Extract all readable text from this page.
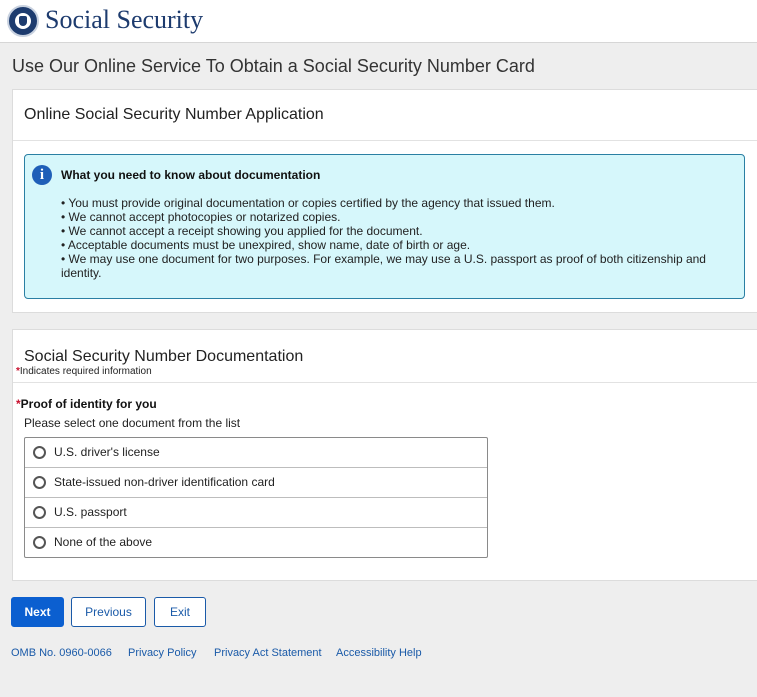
Social Security
Use Our Online Service To Obtain a Social Security Number Card
Online Social Security Number Application
i	What you need to know about documentation
• You must provide original documentation or copies certified by the agency that issued them.
• We cannot accept photocopies or notarized copies.
• We cannot accept a receipt showing you applied for the document.
• Acceptable documents must be unexpired, show name, date of birth or age.
• We may use one document for two purposes. For example, we may use a U.S. passport as proof of both citizenship and identity.
Social Security Number Documentation
*Indicates required information
*Proof of identity for you
Please select one document from the list
U.S. driver's license
State-issued non-driver identification card
U.S. passport
None of the above
Next	Previous	Exit
OMB No. 0960-0066 Privacy Policy Privacy Act Statement Accessibility Help
